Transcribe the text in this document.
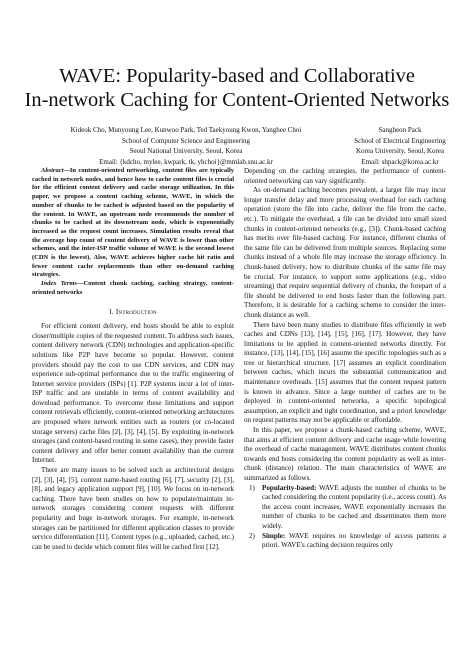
WAVE: Popularity-based and Collaborative
In-network Caching for Content-Oriented Networks
Kideok Cho, Munyoung Lee, Kunwoo Park, Ted Taekyoung Kwon, Yanghee Choi
School of Computer Science and Engineering
Seoul National University, Seoul, Korea
Email: {kdcho, mylee, kwpark, tk, yhchoi}@mmlab.snu.ac.kr
Sangheon Pack
School of Electrical Engineering
Korea University, Seoul, Korea
Email: shpack@korea.ac.kr

Abstract—In content-oriented networking, content files are typically cached in network nodes, and hence how to cache content files is crucial for the efficient content delivery and cache storage utilization. In this paper, we propose a content caching scheme, WAVE, in which the number of chunks to be cached is adjusted based on the popularity of the content. In WAVE, an upstream node recommends the number of chunks to be cached at its downstream node, which is exponentially increased as the request count increases. Simulation results reveal that the average hop count of content delivery of WAVE is lower than other schemes, and the inter-ISP traffic volume of WAVE is the second lowest (CDN is the lowest). Also, WAVE achieves higher cache hit ratio and fewer content cache replacements than other on-demand caching strategies.

Index Terms—Content chunk caching, caching strategy, content-oriented networks

I. Introduction

For efficient content delivery, end hosts should be able to exploit closer/multiple copies of the requested content. To address such issues, content delivery network (CDN) technologies and application-specific solutions like P2P have become so popular. However, content providers should pay the cost to use CDN services, and CDN may experience sub-optimal performance due to the traffic engineering of Internet service providers (ISPs) [1]. P2P systems incur a lot of inter-ISP traffic and are unstable in terms of content availability and download performance. To overcome these limitations and support content retrievals efficiently, content-oriented networking architectures are proposed where network entities such as routers (or co-located storage servers) cache files [2], [3], [4], [5]. By exploiting in-network storages (and content-based routing in some cases), they provide faster content delivery and offer better content availability than the current Internet.

There are many issues to be solved such as architectural designs [2], [3], [4], [5], content name-based routing [6], [7], security [2], [3], [8], and legacy application support [9], [10]. We focus on in-network caching. There have been studies on how to populate/maintain in-network storages considering content requests with different popularity and huge in-network storages. For example, in-network storages can be partitioned for different application classes to provide service differentiation [11]. Content types (e.g., uploaded, cached, etc.) can be used to decide which content files will be cached first [12].

Depending on the caching strategies, the performance of content-oriented networking can vary significantly.

As on-demand caching becomes prevalent, a larger file may incur longer transfer delay and more processing overhead for each caching operation (store the file into cache, deliver the file from the cache, etc.). To mitigate the overhead, a file can be divided into small sized chunks in content-oriented networks (e.g., [3]). Chunk-based caching has merits over file-based caching. For instance, different chunks of the same file can be delivered from multiple sources. Replacing some chunks instead of a whole file may increase the storage efficiency. In chunk-based delivery, how to distribute chunks of the same file may be crucial. For instance, to support some applications (e.g., video streaming) that require sequential delivery of chunks, the forepart of a file should be delivered to end hosts faster than the following part. Therefore, it is desirable for a caching scheme to consider the inter-chunk distance as well.

There have been many studies to distribute files efficiently in web caches and CDNs [13], [14], [15], [16], [17]. However, they have limitations to be applied in content-oriented networks directly. For instance, [13], [14], [15], [16] assume the specific topologies such as a tree or hierarchical structure. [17] assumes an explicit coordination between caches, which incurs the substantial communication and maintenance overheads. [15] assumes that the content request pattern is known in advance. Since a large number of caches are to be deployed in content-oriented networks, a specific topological assumption, an explicit and tight coordination, and a priori knowledge on request patterns may not be applicable or affordable.

In this paper, we propose a chunk-based caching scheme, WAVE, that aims at efficient content delivery and cache usage while lowering the overhead of cache management. WAVE distributes content chunks towards end hosts considering the content popularity as well as inter-chunk (distance) relation. The main characteristics of WAVE are summarized as follows.

1) Popularity-based: WAVE adjusts the number of chunks to be cached considering the content popularity (i.e., access count). As the access count increases, WAVE exponentially increases the number of chunks to be cached and disseminates them more widely.
2) Simple: WAVE requires no knowledge of access patterns a priori. WAVE's caching decision requires only
